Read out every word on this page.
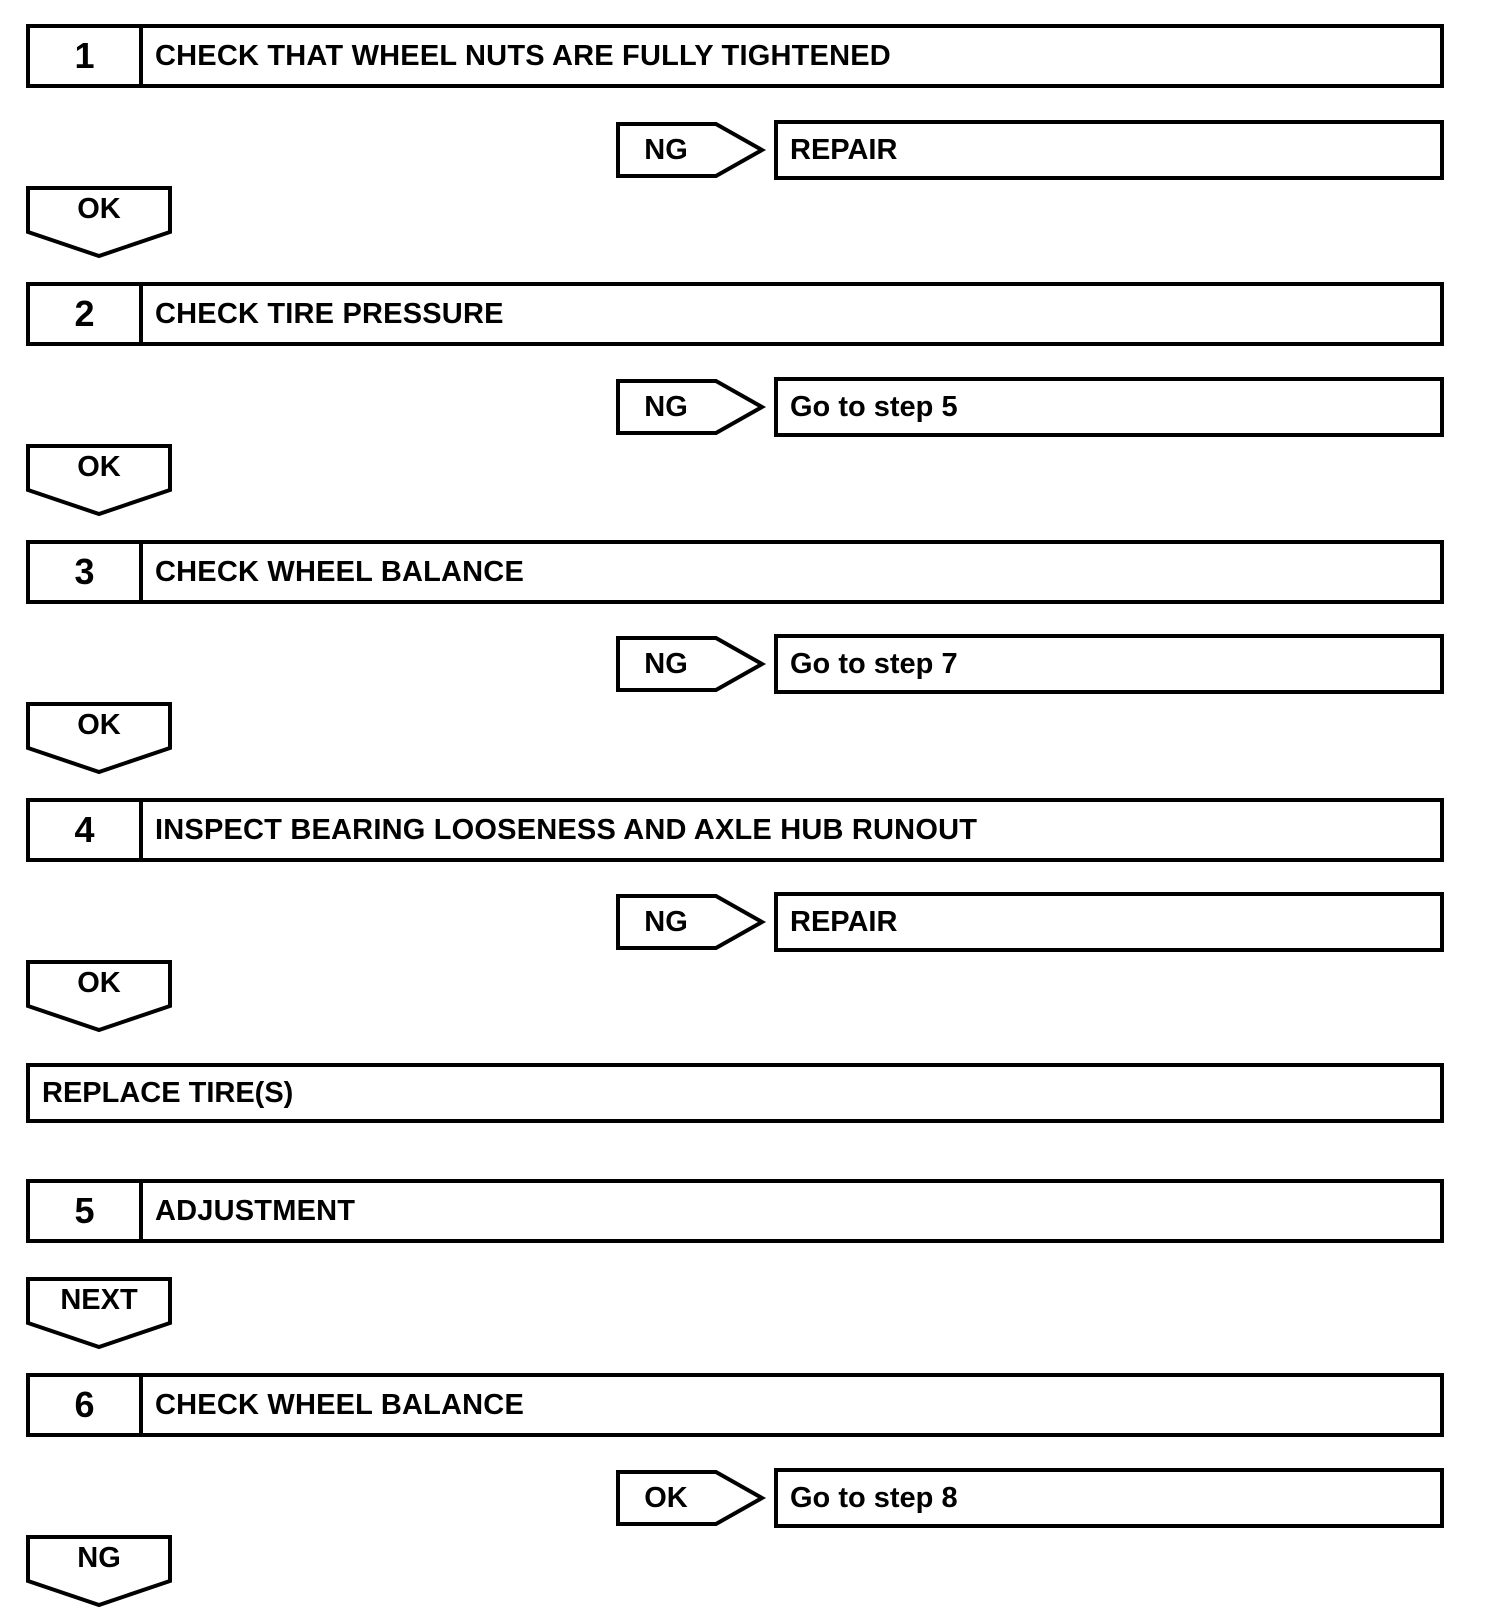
1	CHECK THAT WHEEL NUTS ARE FULLY TIGHTENED
NG	REPAIR
OK
2	CHECK TIRE PRESSURE
NG	Go to step 5
OK
3	CHECK WHEEL BALANCE
NG	Go to step 7
OK
4	INSPECT BEARING LOOSENESS AND AXLE HUB RUNOUT
NG	REPAIR
OK
REPLACE TIRE(S)
5	ADJUSTMENT
NEXT
6	CHECK WHEEL BALANCE
OK	Go to step 8
NG
